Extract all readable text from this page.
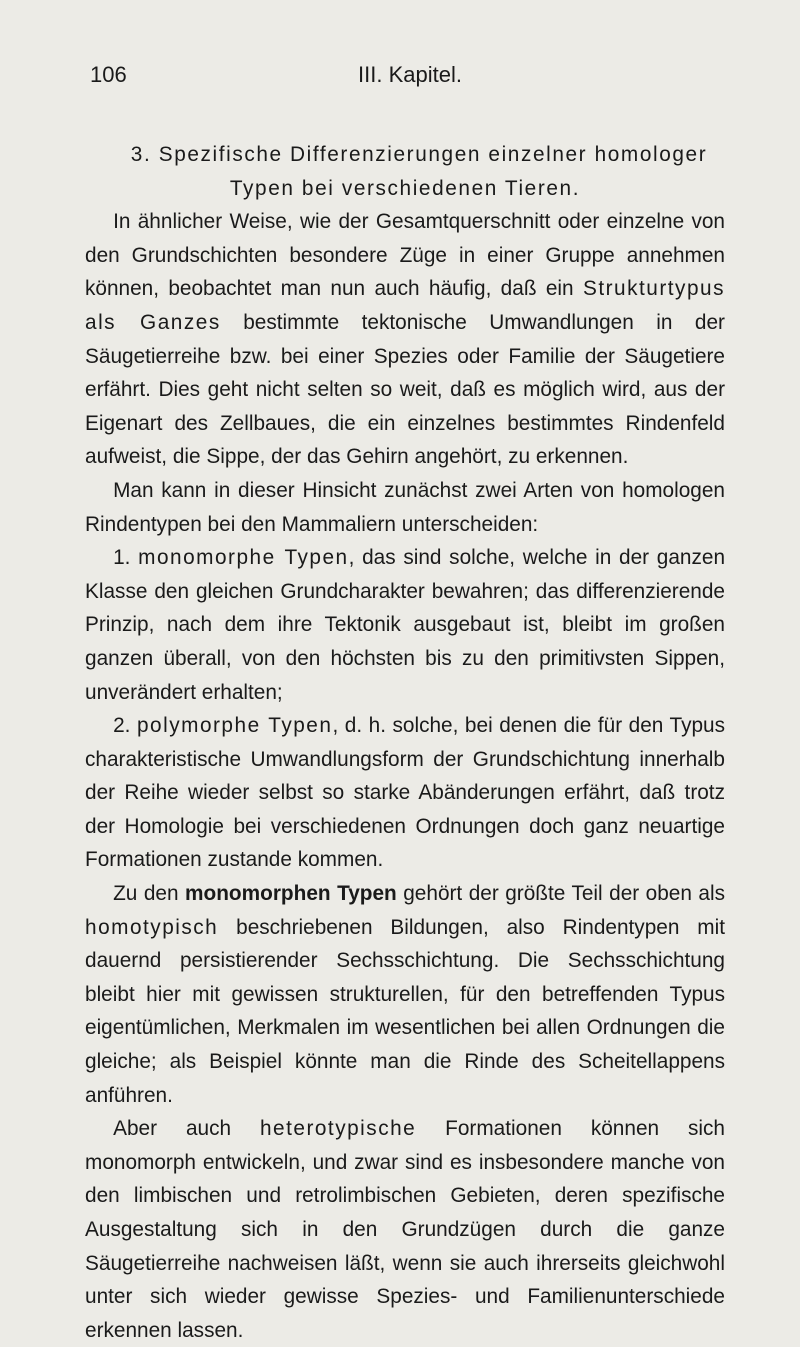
106	III. Kapitel.

3. Spezifische Differenzierungen einzelner homologer Typen bei verschiedenen Tieren.

In ähnlicher Weise, wie der Gesamtquerschnitt oder einzelne von den Grundschichten besondere Züge in einer Gruppe annehmen können, beobachtet man nun auch häufig, daß ein Strukturtypus als Ganzes bestimmte tektonische Umwandlungen in der Säugetierreihe bzw. bei einer Spezies oder Familie der Säugetiere erfährt. Dies geht nicht selten so weit, daß es möglich wird, aus der Eigenart des Zellbaues, die ein einzelnes bestimmtes Rindenfeld aufweist, die Sippe, der das Gehirn angehört, zu erkennen.

Man kann in dieser Hinsicht zunächst zwei Arten von homologen Rindentypen bei den Mammaliern unterscheiden:

1. monomorphe Typen, das sind solche, welche in der ganzen Klasse den gleichen Grundcharakter bewahren; das differenzierende Prinzip, nach dem ihre Tektonik ausgebaut ist, bleibt im großen ganzen überall, von den höchsten bis zu den primitivsten Sippen, unverändert erhalten;

2. polymorphe Typen, d. h. solche, bei denen die für den Typus charakteristische Umwandlungsform der Grundschichtung innerhalb der Reihe wieder selbst so starke Abänderungen erfährt, daß trotz der Homologie bei verschiedenen Ordnungen doch ganz neuartige Formationen zustande kommen.

Zu den monomorphen Typen gehört der größte Teil der oben als homotypisch beschriebenen Bildungen, also Rindentypen mit dauernd persistierender Sechsschichtung. Die Sechsschichtung bleibt hier mit gewissen strukturellen, für den betreffenden Typus eigentümlichen, Merkmalen im wesentlichen bei allen Ordnungen die gleiche; als Beispiel könnte man die Rinde des Scheitellappens anführen.

Aber auch heterotypische Formationen können sich monomorph entwickeln, und zwar sind es insbesondere manche von den limbischen und retrolimbischen Gebieten, deren spezifische Ausgestaltung sich in den Grundzügen durch die ganze Säugetierreihe nachweisen läßt, wenn sie auch ihrerseits gleichwohl unter sich wieder gewisse Spezies- und Familienunterschiede erkennen lassen.
